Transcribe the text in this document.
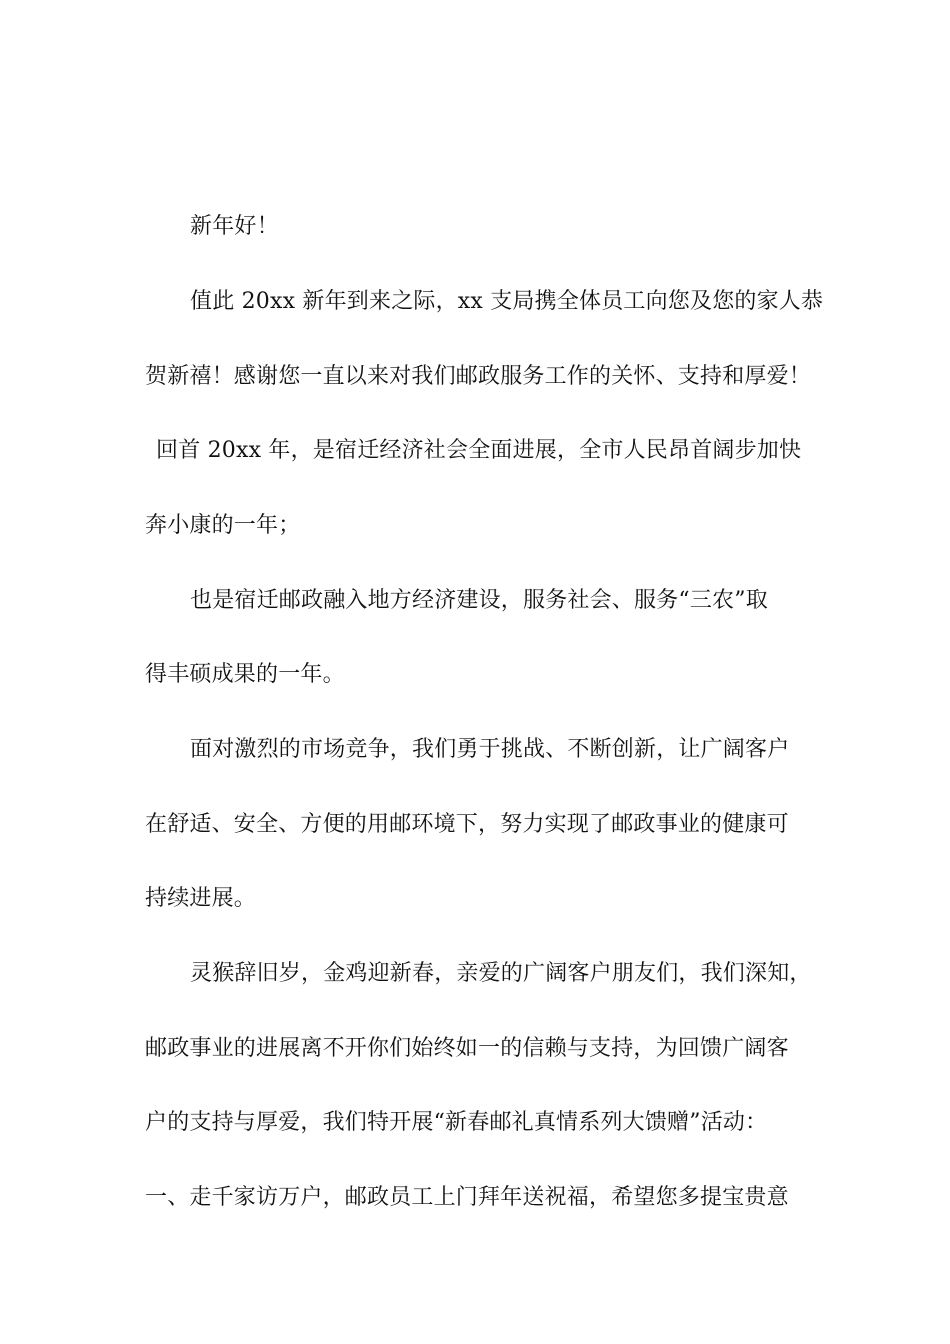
新年好！
值此 20xx 新年到来之际，xx 支局携全体员工向您及您的家人恭
贺新禧！感谢您一直以来对我们邮政服务工作的关怀、支持和厚爱！
回首 20xx 年，是宿迁经济社会全面进展，全市人民昂首阔步加快
奔小康的一年；
也是宿迁邮政融入地方经济建设，服务社会、服务“三农”取
得丰硕成果的一年。
面对激烈的市场竞争，我们勇于挑战、不断创新，让广阔客户
在舒适、安全、方便的用邮环境下，努力实现了邮政事业的健康可
持续进展。
灵猴辞旧岁，金鸡迎新春，亲爱的广阔客户朋友们，我们深知，
邮政事业的进展离不开你们始终如一的信赖与支持，为回馈广阔客
户的支持与厚爱，我们特开展“新春邮礼真情系列大馈赠”活动：
一、走千家访万户，邮政员工上门拜年送祝福，希望您多提宝贵意
